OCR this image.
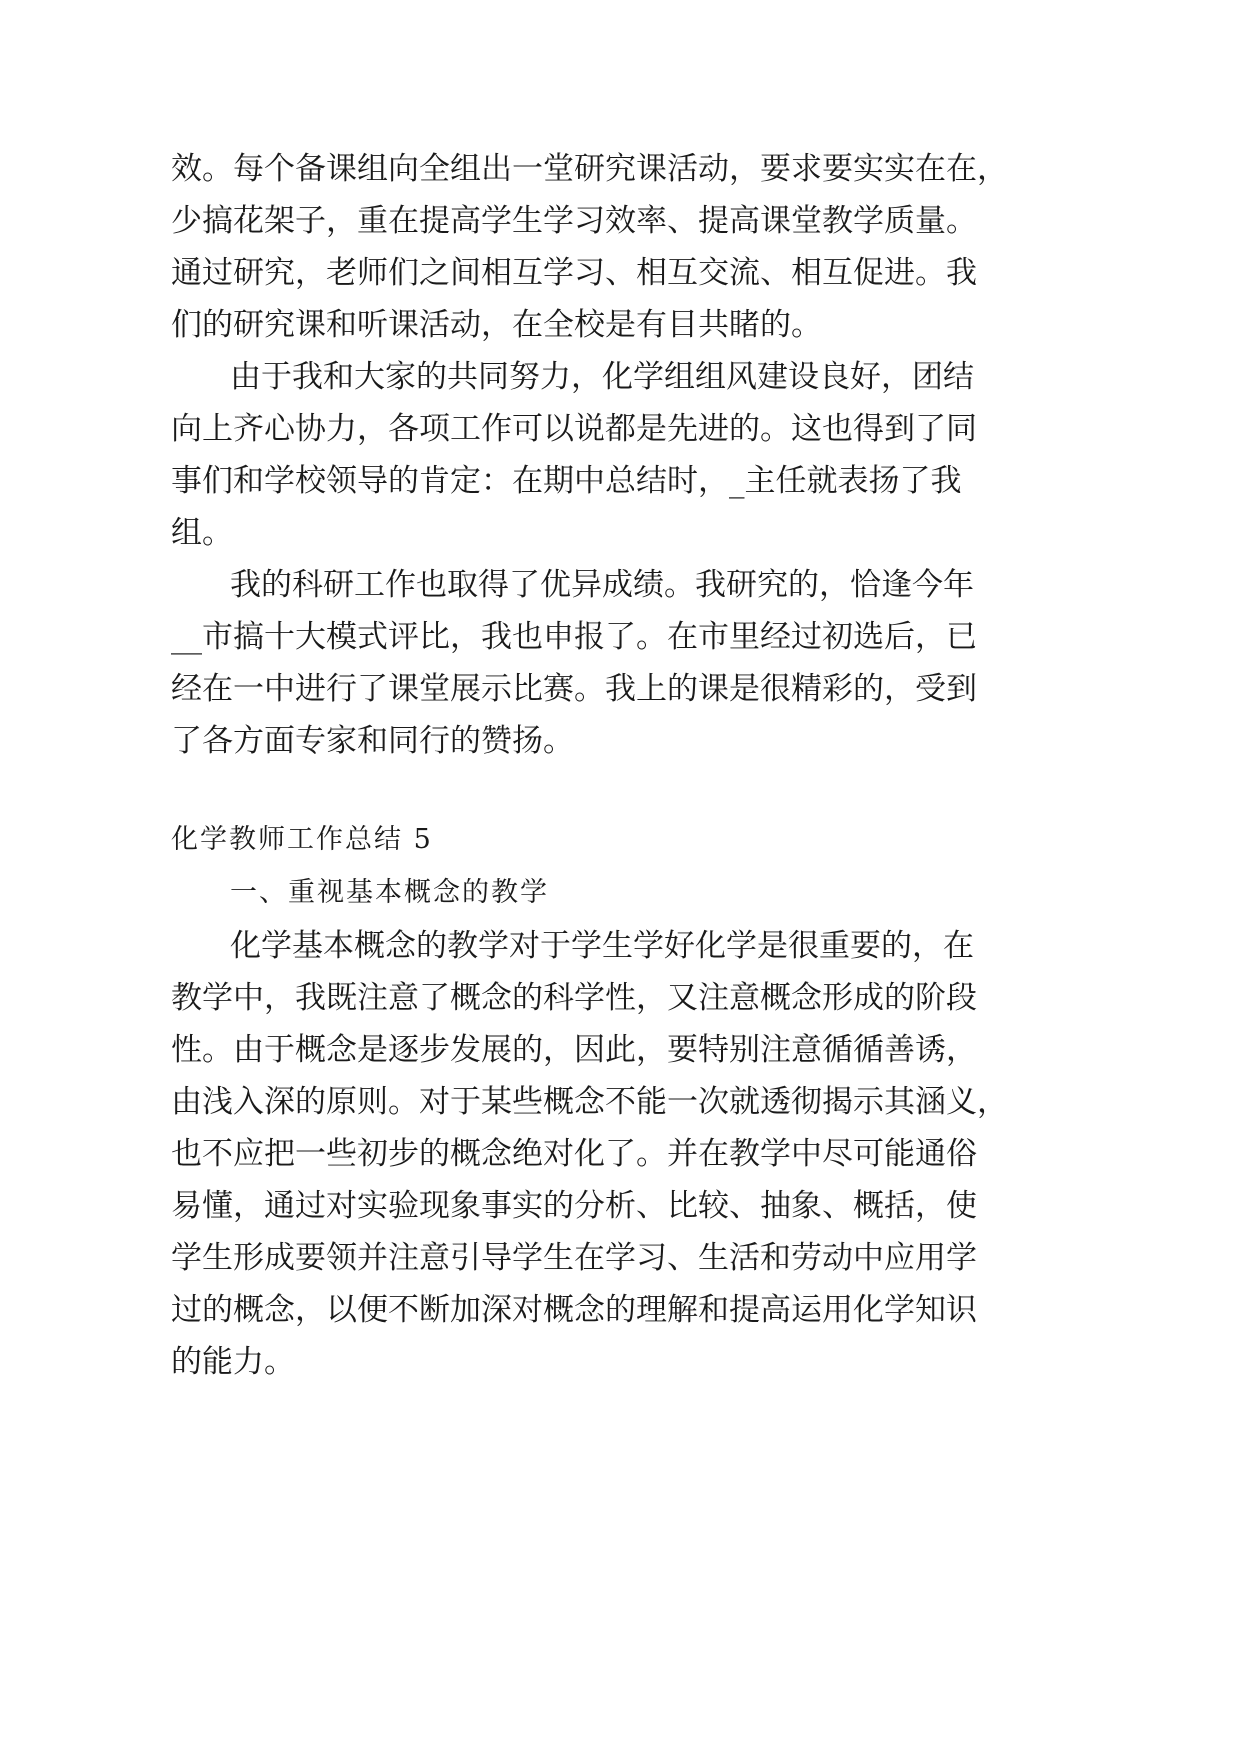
效。每个备课组向全组出一堂研究课活动，要求要实实在在，
少搞花架子，重在提高学生学习效率、提高课堂教学质量。
通过研究，老师们之间相互学习、相互交流、相互促进。我
们的研究课和听课活动，在全校是有目共睹的。
由于我和大家的共同努力，化学组组风建设良好，团结
向上齐心协力，各项工作可以说都是先进的。这也得到了同
事们和学校领导的肯定：在期中总结时，_主任就表扬了我
组。
我的科研工作也取得了优异成绩。我研究的，恰逢今年
__市搞十大模式评比，我也申报了。在市里经过初选后，已
经在一中进行了课堂展示比赛。我上的课是很精彩的，受到
了各方面专家和同行的赞扬。
化学教师工作总结 5
一、重视基本概念的教学
化学基本概念的教学对于学生学好化学是很重要的，在
教学中，我既注意了概念的科学性，又注意概念形成的阶段
性。由于概念是逐步发展的，因此，要特别注意循循善诱，
由浅入深的原则。对于某些概念不能一次就透彻揭示其涵义，
也不应把一些初步的概念绝对化了。并在教学中尽可能通俗
易懂，通过对实验现象事实的分析、比较、抽象、概括，使
学生形成要领并注意引导学生在学习、生活和劳动中应用学
过的概念，以便不断加深对概念的理解和提高运用化学知识
的能力。
